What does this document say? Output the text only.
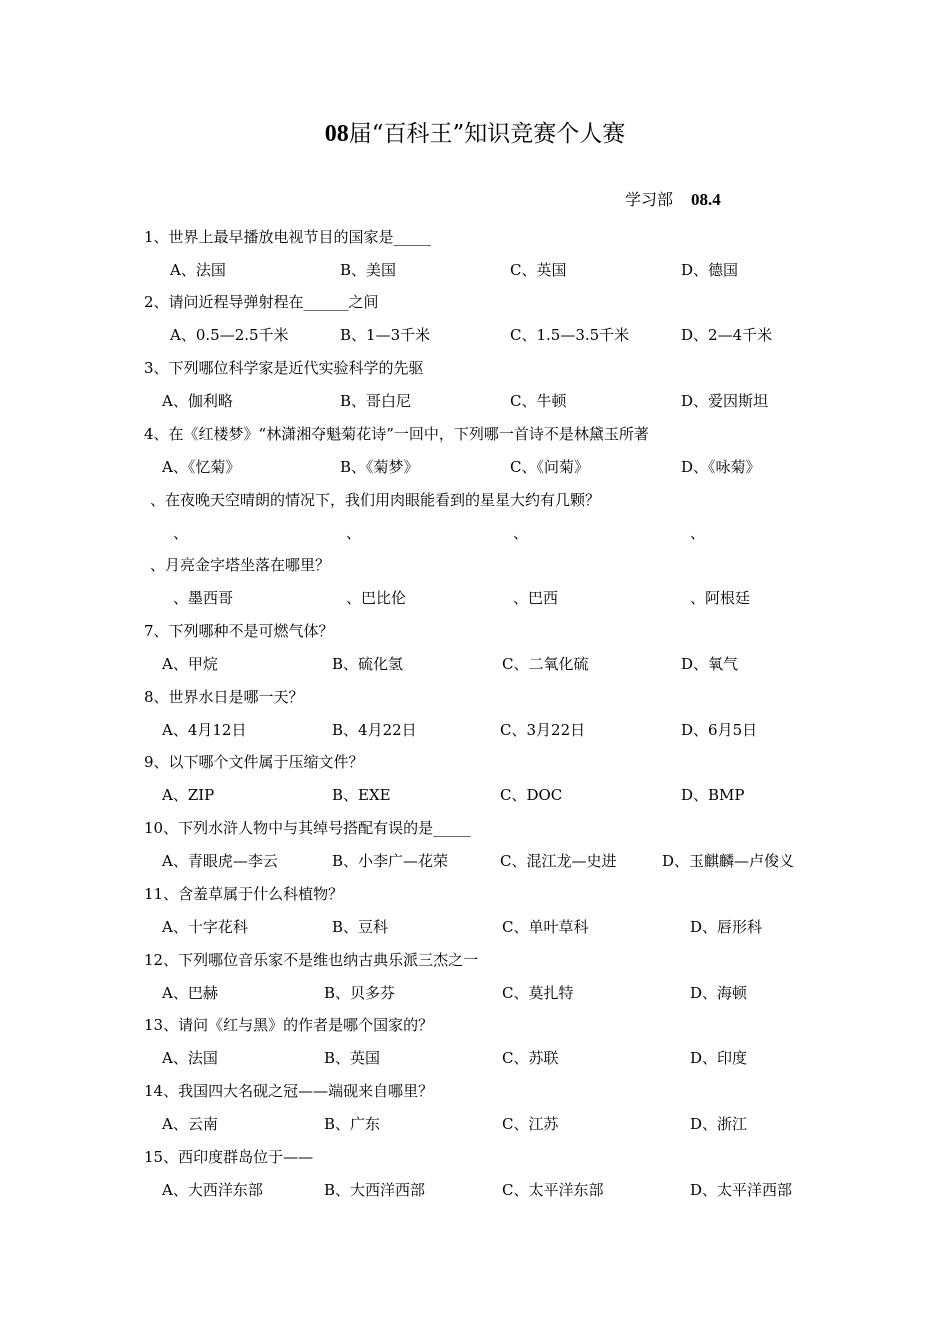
08届“百科王”知识竞赛个人赛
学习部 08.4
1、世界上最早播放电视节目的国家是_____
A、法国	B、美国	C、英国	D、德国
2、请问近程导弹射程在______之间
A、0.5—2.5千米	B、1—3千米	C、1.5—3.5千米	D、2—4千米
3、下列哪位科学家是近代实验科学的先驱
A、伽利略	B、哥白尼	C、牛顿	D、爱因斯坦
4、在《红楼梦》“林潇湘夺魁菊花诗”一回中，下列哪一首诗不是林黛玉所著
A、《忆菊》	B、《菊梦》	C、《问菊》	D、《咏菊》
、在夜晚天空晴朗的情况下，我们用肉眼能看到的星星大约有几颗？
、	、	、	、
、月亮金字塔坐落在哪里？
、墨西哥	、巴比伦	、巴西	、阿根廷
7、下列哪种不是可燃气体？
A、甲烷	B、硫化氢	C、二氧化硫	D、氧气
8、世界水日是哪一天？
A、4月12日	B、4月22日	C、3月22日	D、6月5日
9、以下哪个文件属于压缩文件？
A、ZIP	B、EXE	C、DOC	D、BMP
10、下列水浒人物中与其绰号搭配有误的是_____
A、青眼虎—李云	B、小李广—花荣	C、混江龙—史进	D、玉麒麟—卢俊义
11、含羞草属于什么科植物？
A、十字花科	B、豆科	C、单叶草科	D、唇形科
12、下列哪位音乐家不是维也纳古典乐派三杰之一
A、巴赫	B、贝多芬	C、莫扎特	D、海顿
13、请问《红与黑》的作者是哪个国家的？
A、法国	B、英国	C、苏联	D、印度
14、我国四大名砚之冠——端砚来自哪里？
A、云南	B、广东	C、江苏	D、浙江
15、西印度群岛位于——
A、大西洋东部	B、大西洋西部	C、太平洋东部	D、太平洋西部
